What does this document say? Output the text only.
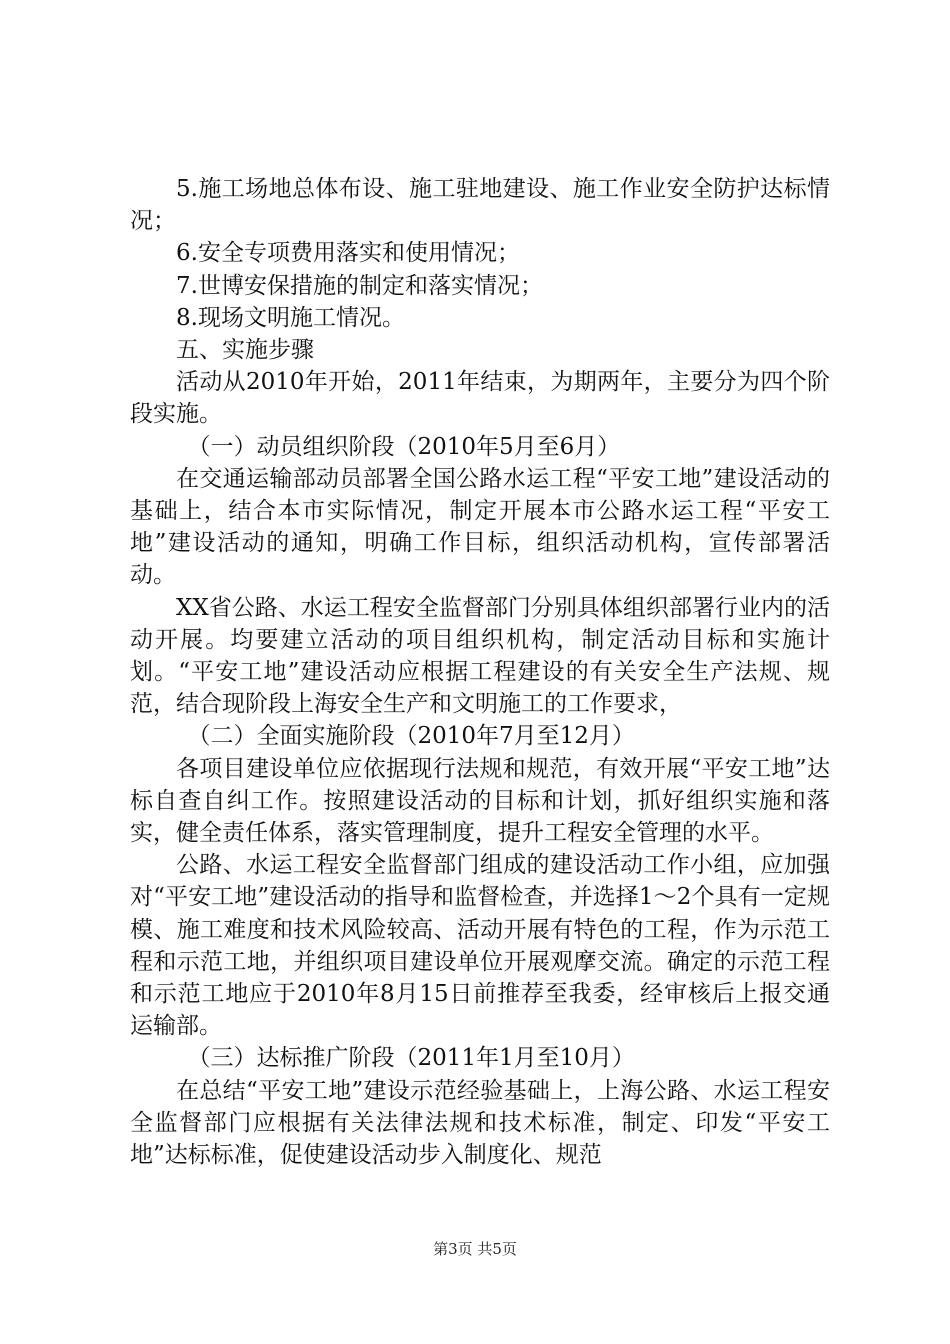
5.施工场地总体布设、施工驻地建设、施工作业安全防护达标情况；

6.安全专项费用落实和使用情况；

7.世博安保措施的制定和落实情况；

8.现场文明施工情况。

五、实施步骤

活动从2010年开始，2011年结束，为期两年，主要分为四个阶段实施。

（一）动员组织阶段（2010年5月至6月）

在交通运输部动员部署全国公路水运工程“平安工地”建设活动的基础上，结合本市实际情况，制定开展本市公路水运工程“平安工地”建设活动的通知，明确工作目标，组织活动机构，宣传部署活动。

XX省公路、水运工程安全监督部门分别具体组织部署行业内的活动开展。均要建立活动的项目组织机构，制定活动目标和实施计划。“平安工地”建设活动应根据工程建设的有关安全生产法规、规范，结合现阶段上海安全生产和文明施工的工作要求，

（二）全面实施阶段（2010年7月至12月）

各项目建设单位应依据现行法规和规范，有效开展“平安工地”达标自查自纠工作。按照建设活动的目标和计划，抓好组织实施和落实，健全责任体系，落实管理制度，提升工程安全管理的水平。

公路、水运工程安全监督部门组成的建设活动工作小组，应加强对“平安工地”建设活动的指导和监督检查，并选择1～2个具有一定规模、施工难度和技术风险较高、活动开展有特色的工程，作为示范工程和示范工地，并组织项目建设单位开展观摩交流。确定的示范工程和示范工地应于2010年8月15日前推荐至我委，经审核后上报交通运输部。

（三）达标推广阶段（2011年1月至10月）

在总结“平安工地”建设示范经验基础上，上海公路、水运工程安全监督部门应根据有关法律法规和技术标准，制定、印发“平安工地”达标标准，促使建设活动步入制度化、规范

第3页 共5页
